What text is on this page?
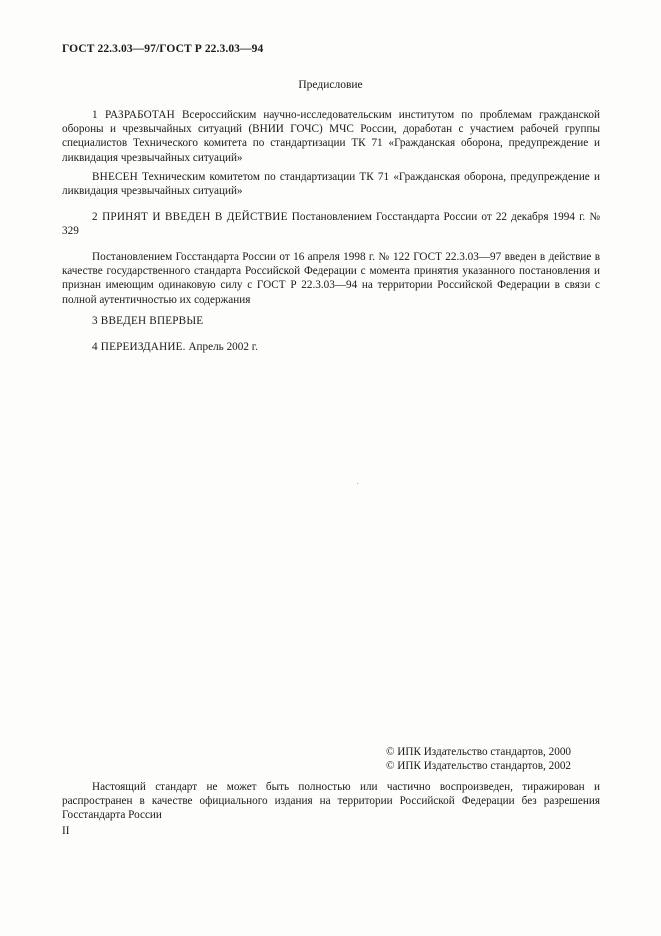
ГОСТ 22.3.03—97/ГОСТ Р 22.3.03—94
Предисловие

1 РАЗРАБОТАН Всероссийским научно-исследовательским институтом по проблемам гражданской обороны и чрезвычайных ситуаций (ВНИИ ГОЧС) МЧС России, доработан с участием рабочей группы специалистов Технического комитета по стандартизации ТК 71 «Гражданская оборона, предупреждение и ликвидация чрезвычайных ситуаций»

ВНЕСЕН Техническим комитетом по стандартизации ТК 71 «Гражданская оборона, предупреждение и ликвидация чрезвычайных ситуаций»

2 ПРИНЯТ И ВВЕДЕН В ДЕЙСТВИЕ Постановлением Госстандарта России от 22 декабря 1994 г. № 329

Постановлением Госстандарта России от 16 апреля 1998 г. № 122 ГОСТ 22.3.03—97 введен в действие в качестве государственного стандарта Российской Федерации с момента принятия указанного постановления и признан имеющим одинаковую силу с ГОСТ Р 22.3.03—94 на территории Российской Федерации в связи с полной аутентичностью их содержания

3 ВВЕДЕН ВПЕРВЫЕ

4 ПЕРЕИЗДАНИЕ. Апрель 2002 г.

© ИПК Издательство стандартов, 2000
© ИПК Издательство стандартов, 2002

Настоящий стандарт не может быть полностью или частично воспроизведен, тиражирован и распространен в качестве официального издания на территории Российской Федерации без разрешения Госстандарта России

II
